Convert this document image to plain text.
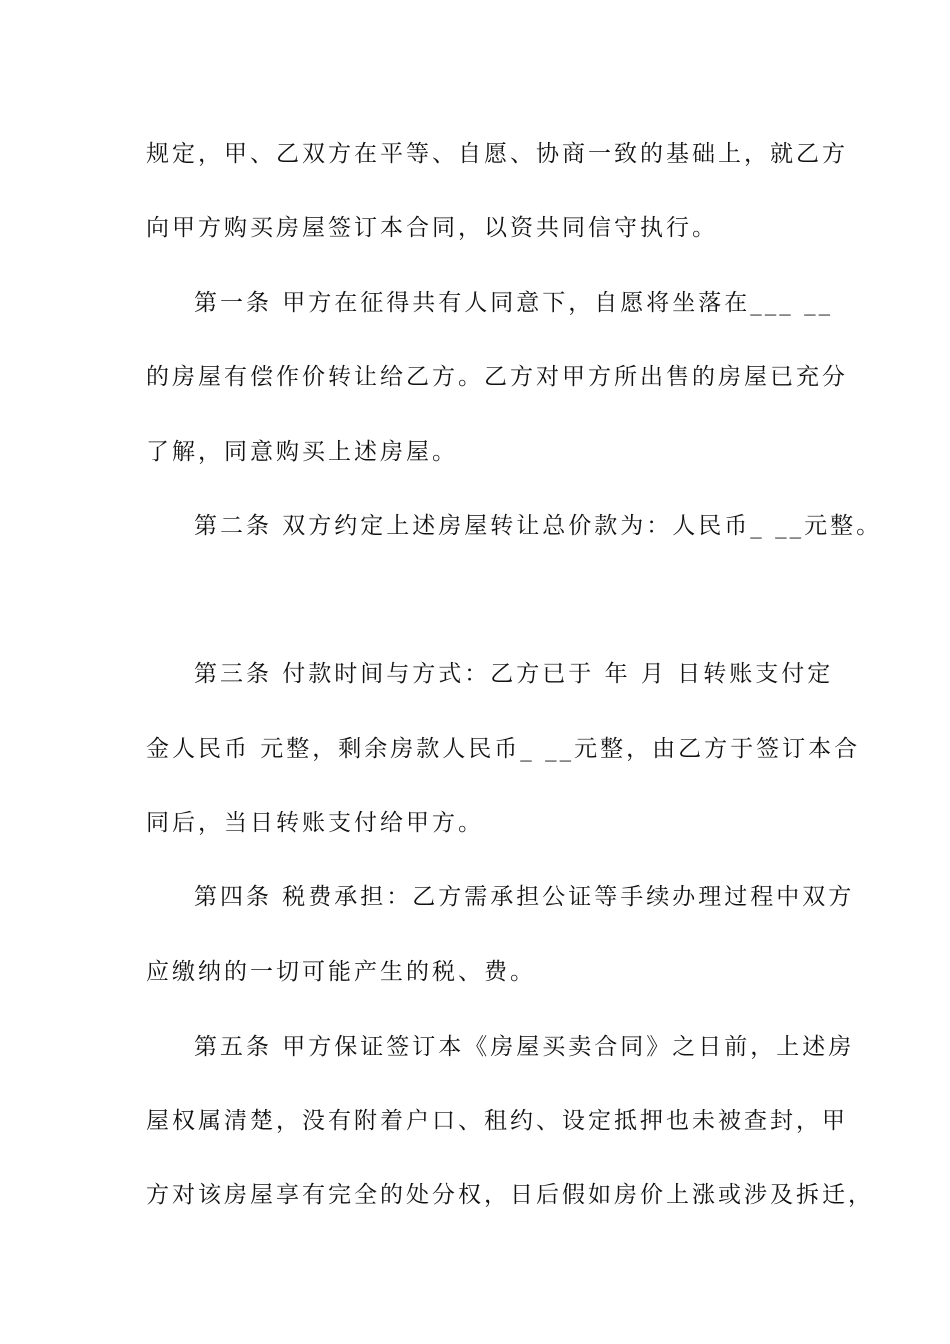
规定，甲、乙双方在平等、自愿、协商一致的基础上，就乙方
向甲方购买房屋签订本合同，以资共同信守执行。
第一条 甲方在征得共有人同意下，自愿将坐落在___ __
的房屋有偿作价转让给乙方。乙方对甲方所出售的房屋已充分
了解，同意购买上述房屋。
第二条 双方约定上述房屋转让总价款为：人民币_ __元整。
第三条 付款时间与方式：乙方已于 年 月 日转账支付定
金人民币 元整，剩余房款人民币_ __元整，由乙方于签订本合
同后，当日转账支付给甲方。
第四条 税费承担：乙方需承担公证等手续办理过程中双方
应缴纳的一切可能产生的税、费。
第五条 甲方保证签订本《房屋买卖合同》之日前，上述房
屋权属清楚，没有附着户口、租约、设定抵押也未被查封，甲
方对该房屋享有完全的处分权，日后假如房价上涨或涉及拆迁，
